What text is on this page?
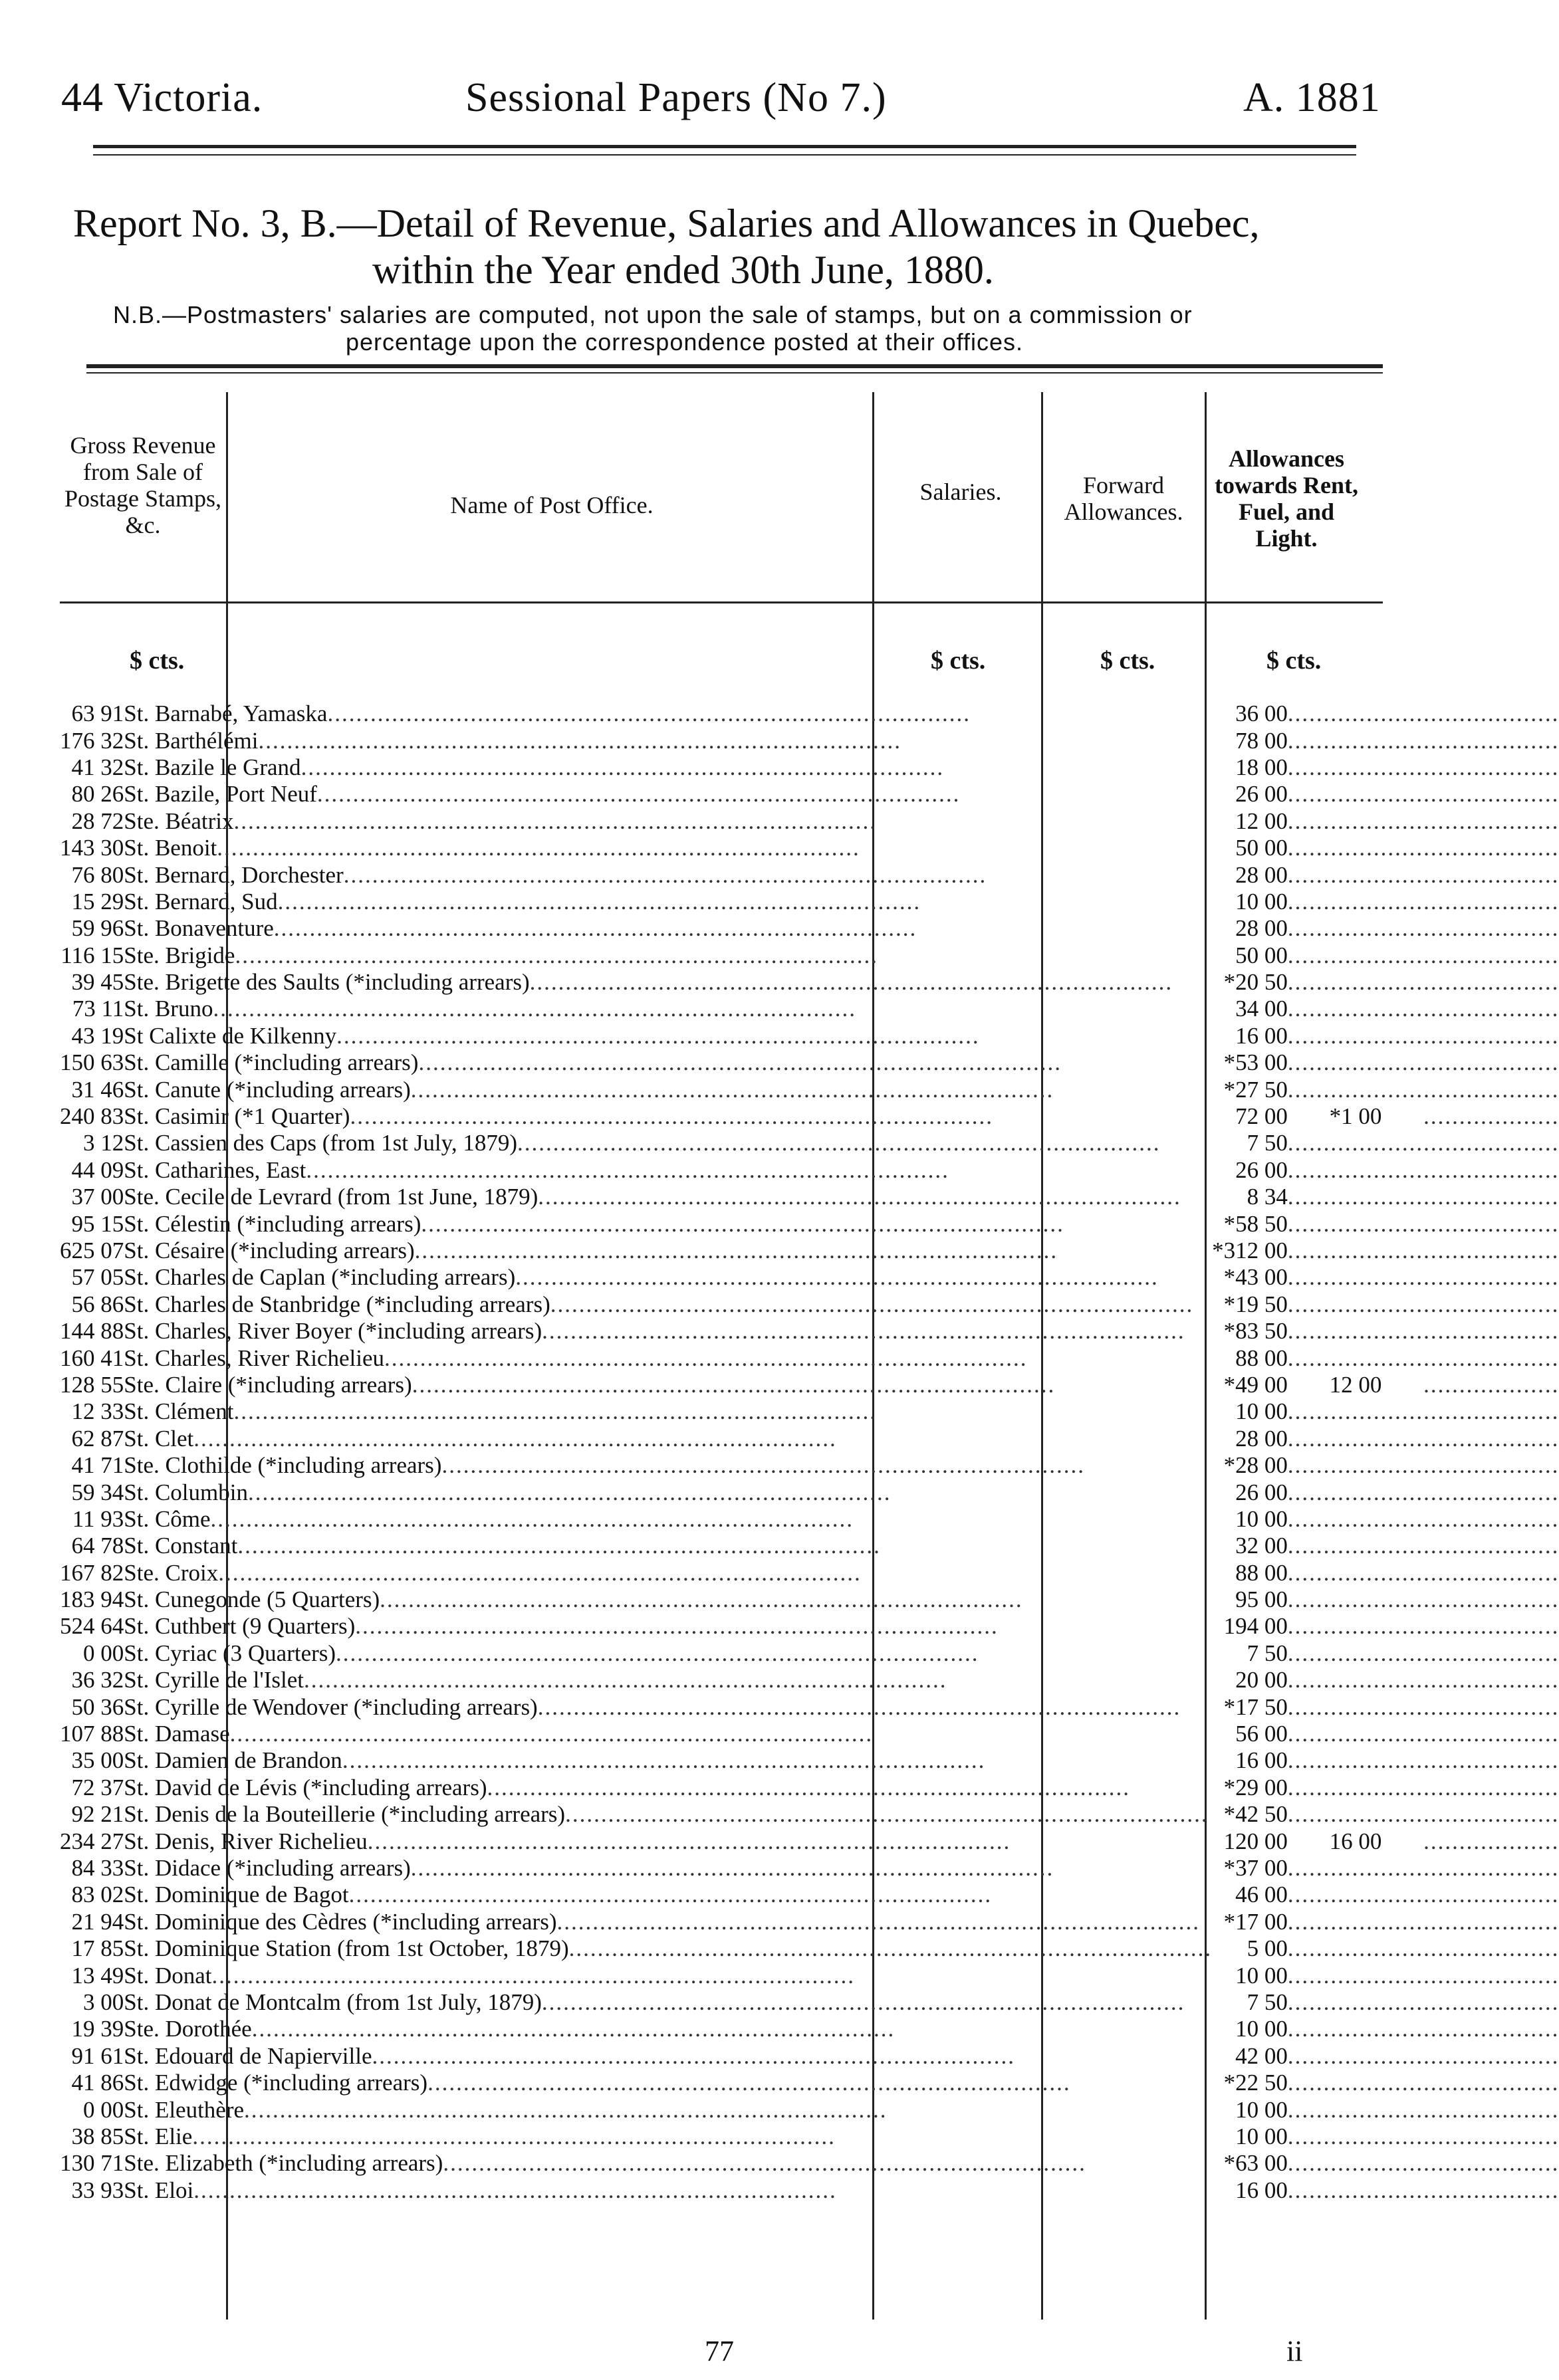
44 Victoria.	Sessional Papers (No 7.)	A. 1881
Report No. 3, B.—Detail of Revenue, Salaries and Allowances in Quebec,
within the Year ended 30th June, 1880.
N.B.—Postmasters' salaries are computed, not upon the sale of stamps, but on a commission or
percentage upon the correspondence posted at their offices.
Gross Revenue from Sale of Postage Stamps, &c.
Name of Post Office.	Salaries.	Forward Allowances.
Allowances towards Rent, Fuel, and Light.
$ cts.	$ cts.	$ cts.	$ cts.
63 91	St. Barnabé, Yamaska..........................................................................................	36 00	...................	...................
176 32	St. Barthélémi..........................................................................................	78 00	...................	...................
41 32	St. Bazile le Grand..........................................................................................	18 00	...................	...................
80 26	St. Bazile, Port Neuf..........................................................................................	26 00	...................	...................
28 72	Ste. Béatrix..........................................................................................	12 00	...................	...................
143 30	St. Benoit..........................................................................................	50 00	...................	...................
76 80	St. Bernard, Dorchester..........................................................................................	28 00	...................	...................
15 29	St. Bernard, Sud..........................................................................................	10 00	...................	...................
59 96	St. Bonaventure..........................................................................................	28 00	...................	...................
116 15	Ste. Brigide..........................................................................................	50 00	...................	...................
39 45	Ste. Brigette des Saults (*including arrears)..........................................................................................	*20 50	...................	...................
73 11	St. Bruno..........................................................................................	34 00	...................	...................
43 19	St Calixte de Kilkenny..........................................................................................	16 00	...................	...................
150 63	St. Camille (*including arrears)..........................................................................................	*53 00	...................	...................
31 46	St. Canute (*including arrears)..........................................................................................	*27 50	...................	...................
240 83	St. Casimir (*1 Quarter)..........................................................................................	72 00	*1 00	...................
3 12	St. Cassien des Caps (from 1st July, 1879)..........................................................................................	7 50	...................	...................
44 09	St. Catharines, East..........................................................................................	26 00	...................	...................
37 00	Ste. Cecile de Levrard (from 1st June, 1879)..........................................................................................	8 34	...................	...................
95 15	St. Célestin (*including arrears)..........................................................................................	*58 50	...................	...................
625 07	St. Césaire (*including arrears)..........................................................................................	*312 00	...................	...................
57 05	St. Charles de Caplan (*including arrears)..........................................................................................	*43 00	...................	...................
56 86	St. Charles de Stanbridge (*including arrears)..........................................................................................	*19 50	...................	...................
144 88	St. Charles, River Boyer (*including arrears)..........................................................................................	*83 50	...................	...................
160 41	St. Charles, River Richelieu..........................................................................................	88 00	...................	...................
128 55	Ste. Claire (*including arrears)..........................................................................................	*49 00	12 00	...................
12 33	St. Clément..........................................................................................	10 00	...................	...................
62 87	St. Clet..........................................................................................	28 00	...................	...................
41 71	Ste. Clothilde (*including arrears)..........................................................................................	*28 00	...................	...................
59 34	St. Columbin..........................................................................................	26 00	...................	...................
11 93	St. Côme..........................................................................................	10 00	...................	...................
64 78	St. Constant..........................................................................................	32 00	...................	...................
167 82	Ste. Croix..........................................................................................	88 00	...................	...................
183 94	St. Cunegonde (5 Quarters)..........................................................................................	95 00	...................	...................
524 64	St. Cuthbert (9 Quarters)..........................................................................................	194 00	...................	...................
0 00	St. Cyriac (3 Quarters)..........................................................................................	7 50	...................	...................
36 32	St. Cyrille de l'Islet..........................................................................................	20 00	...................	...................
50 36	St. Cyrille de Wendover (*including arrears)..........................................................................................	*17 50	...................	...................
107 88	St. Damase..........................................................................................	56 00	...................	...................
35 00	St. Damien de Brandon..........................................................................................	16 00	...................	...................
72 37	St. David de Lévis (*including arrears)..........................................................................................	*29 00	...................	...................
92 21	St. Denis de la Bouteillerie (*including arrears)..........................................................................................	*42 50	...................	...................
234 27	St. Denis, River Richelieu..........................................................................................	120 00	16 00	...................
84 33	St. Didace (*including arrears)..........................................................................................	*37 00	...................	...................
83 02	St. Dominique de Bagot..........................................................................................	46 00	...................	...................
21 94	St. Dominique des Cèdres (*including arrears)..........................................................................................	*17 00	...................	...................
17 85	St. Dominique Station (from 1st October, 1879)..........................................................................................	5 00	...................	...................
13 49	St. Donat..........................................................................................	10 00	...................	...................
3 00	St. Donat de Montcalm (from 1st July, 1879)..........................................................................................	7 50	...................	...................
19 39	Ste. Dorothée..........................................................................................	10 00	...................	...................
91 61	St. Edouard de Napierville..........................................................................................	42 00	...................	...................
41 86	St. Edwidge (*including arrears)..........................................................................................	*22 50	...................	...................
0 00	St. Eleuthère..........................................................................................	10 00	...................	...................
38 85	St. Elie..........................................................................................	10 00	...................	...................
130 71	Ste. Elizabeth (*including arrears)..........................................................................................	*63 00	...................	...................
33 93	St. Eloi..........................................................................................	16 00	...................	...................
77	ii
